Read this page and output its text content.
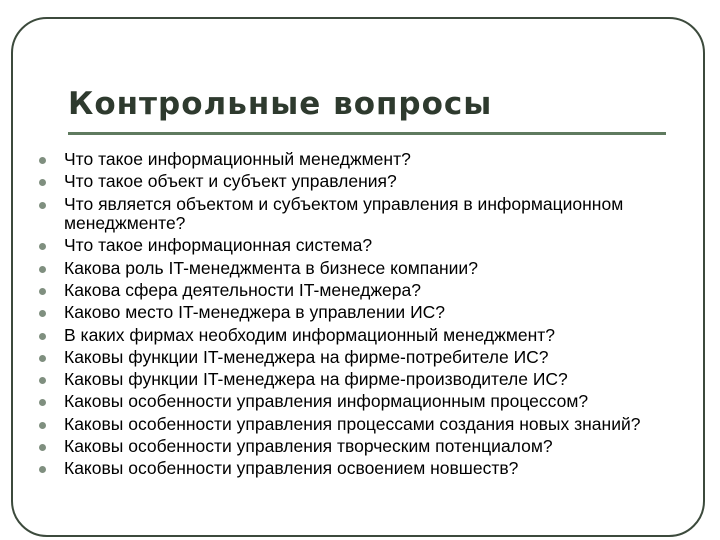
Контрольные вопросы
Что такое информационный менеджмент?
Что такое объект и субъект управления?
Что является объектом и субъектом управления в информационном менеджменте?
Что такое информационная система?
Какова роль IT-менеджмента в бизнесе компании?
Какова сфера деятельности IT-менеджера?
Каково место IT-менеджера в управлении ИС?
В каких фирмах необходим информационный менеджмент?
Каковы функции IT-менеджера на фирме-потребителе ИС?
Каковы функции IT-менеджера на фирме-производителе ИС?
Каковы особенности управления информационным процессом?
Каковы особенности управления процессами создания новых знаний?
Каковы особенности управления творческим потенциалом?
Каковы особенности управления освоением новшеств?
